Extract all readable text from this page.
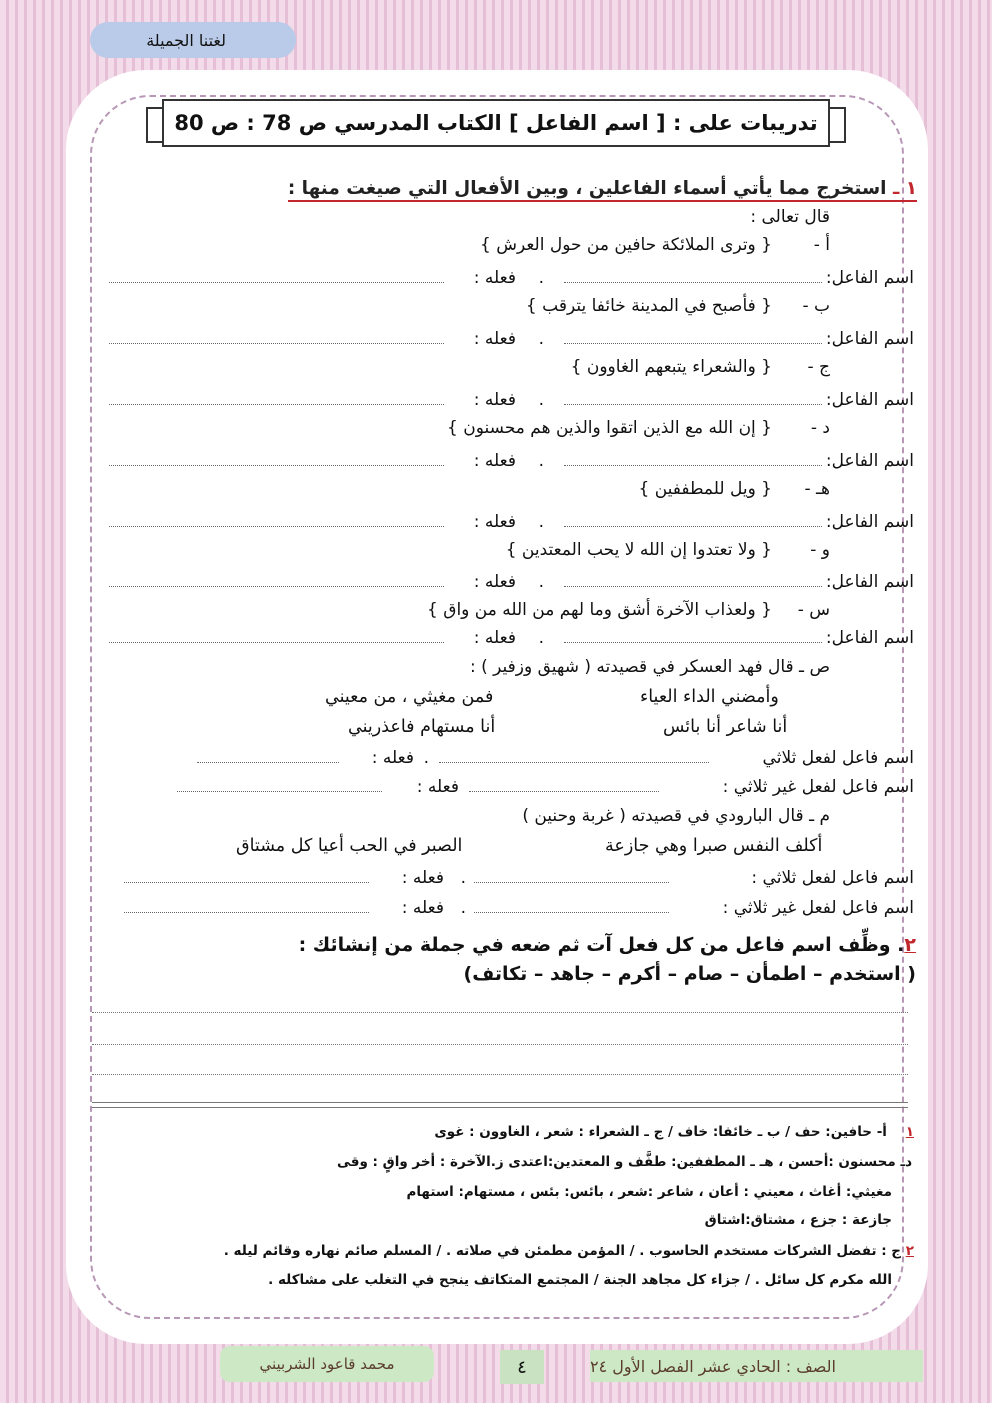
لغتنا الجميلة
تدريبات على : [ اسم الفاعل ] الكتاب المدرسي ص 78 : ص 80
١ ـ استخرج مما يأتي أسماء الفاعلين ، وبين الأفعال التي صيغت منها :
قال تعالى :
أ -{ وترى الملائكة حافين من حول العرش }
اسم الفاعل:
.
فعله :
ب -{ فأصبح في المدينة خائفا يترقب }
اسم الفاعل:
.
فعله :
ج -{ والشعراء يتبعهم الغاوون }
اسم الفاعل:
.
فعله :
د -{ إن الله مع الذين اتقوا والذين هم محسنون }
اسم الفاعل:
.
فعله :
هـ -{ ويل للمطففين }
اسم الفاعل:
.
فعله :
و -{ ولا تعتدوا إن الله لا يحب المعتدين }
اسم الفاعل:
.
فعله :
س -{ ولعذاب الآخرة أشق وما لهم من الله من واق }
اسم الفاعل:
.
فعله :
ص ـ قال فهد العسكر في قصيدته ( شهيق وزفير ) :
وأمضني الداء العياء
فمن مغيثي ، من معيني
أنا شاعر أنا بائس
أنا مستهام فاعذريني
اسم فاعل لفعل ثلاثي
.
فعله :
اسم فاعل لفعل غير ثلاثي :
فعله :
م ـ قال البارودي في قصيدته ( غربة وحنين )
أكلف النفس صبرا وهي جازعة
الصبر في الحب أعيا كل مشتاق
اسم فاعل لفعل ثلاثي :
.
فعله :
اسم فاعل لفعل غير ثلاثي :
.
فعله :
٢. وظِّف اسم فاعل من كل فعل آت ثم ضعه في جملة من إنشائك :
( استخدم – اطمأن – صام – أكرم – جاهد – تكاتف)
١    أ- حافين: حف / ب ـ خائفا: خاف / ج ـ الشعراء : شعر ، الغاوون : غوى
دـ محسنون :أحسن ، هـ ـ المطففين: طفَّف و المعتدين:اعتدى ز.الآخرة : أخر واقٍ : وقى
مغيثي: أغاث ، معيني : أعان ، شاعر :شعر ، بائس: بئس ، مستهام: استهام
جازعة : جزع ، مشتاق:اشتاق
٢ ج : تفضل الشركات مستخدم الحاسوب . / المؤمن مطمئن في صلاته . / المسلم صائم نهاره وقائم ليله .
الله مكرم كل سائل . / جزاء كل مجاهد الجنة / المجتمع المتكاتف ينجح في التغلب على مشاكله .
محمد قاعود الشربيني	٤	الصف : الحادي عشر الفصل الأول ٢٤
